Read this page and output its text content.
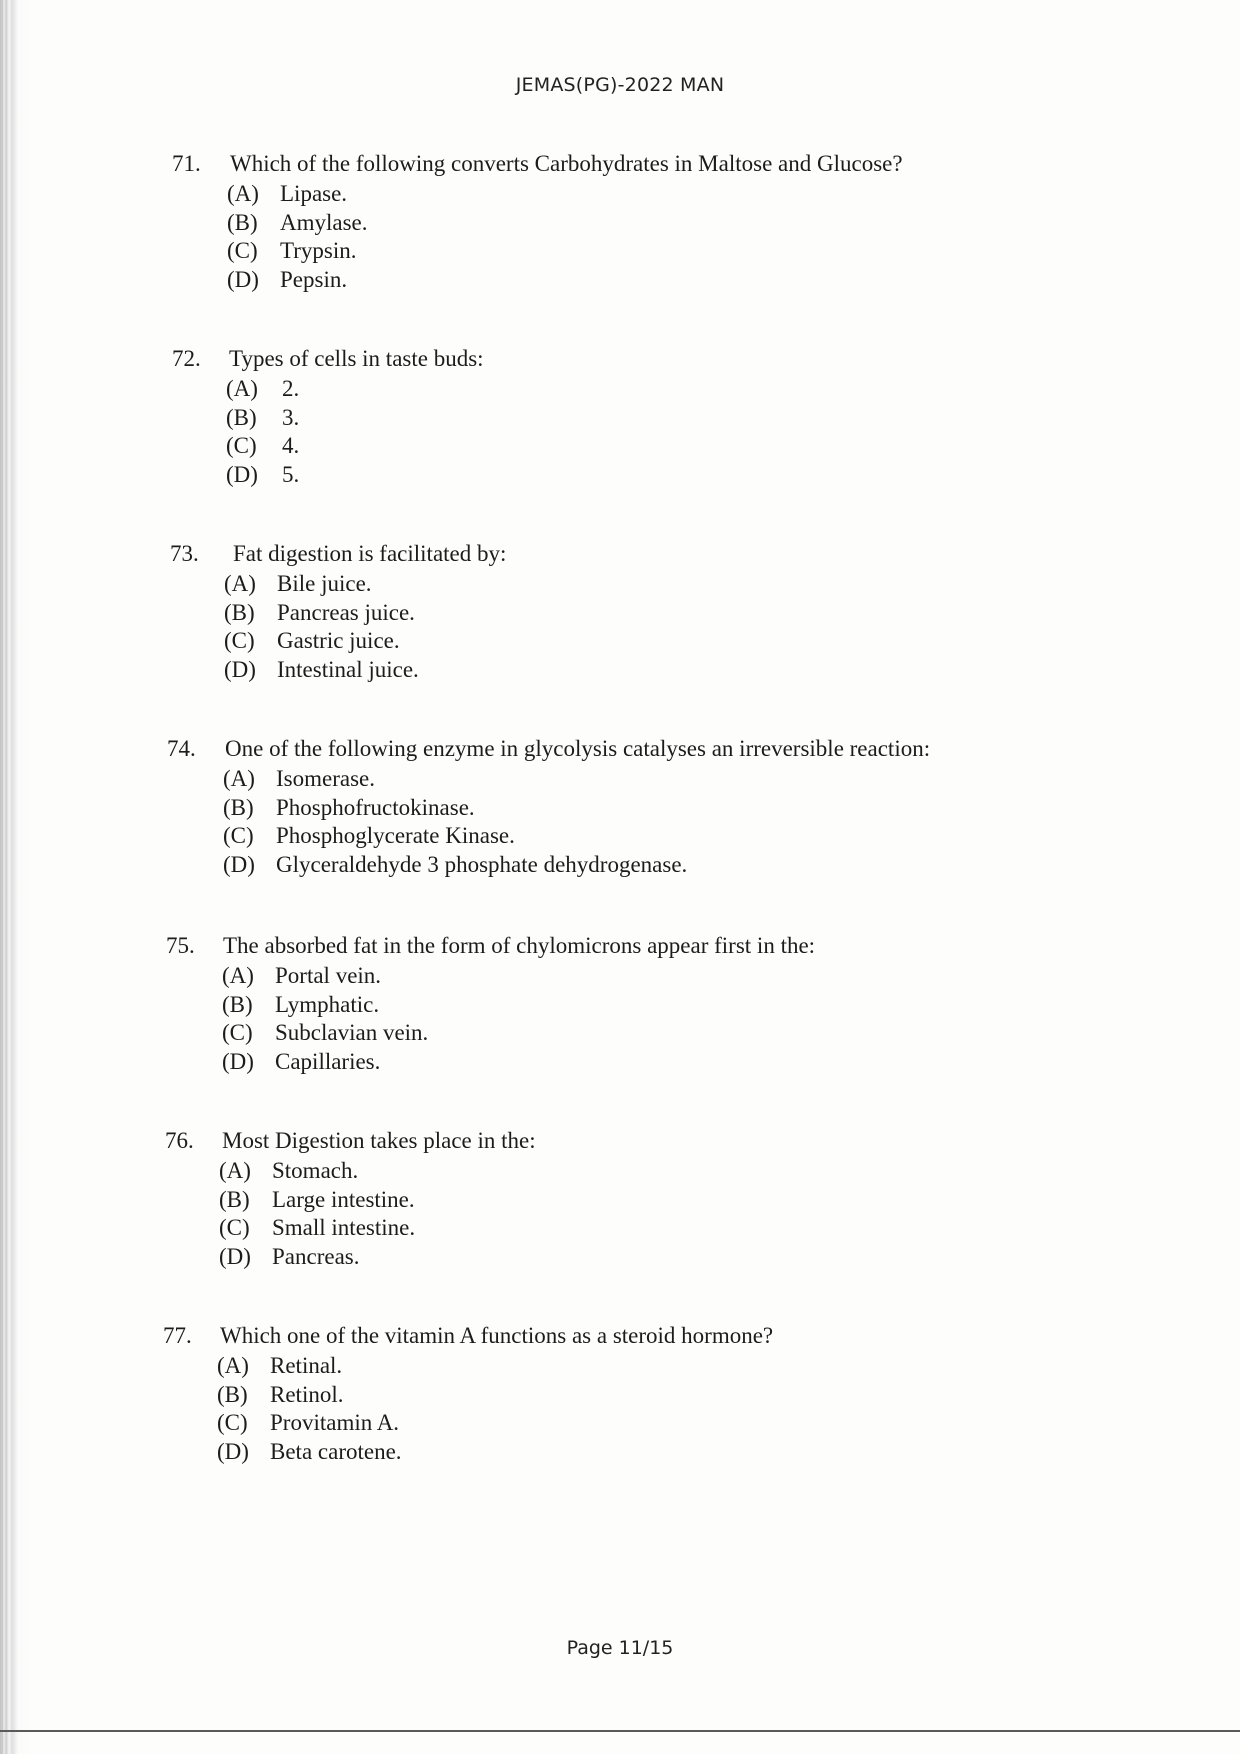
JEMAS(PG)-2022 MAN
71. Which of the following converts Carbohydrates in Maltose and Glucose?
(A) Lipase.
(B) Amylase.
(C) Trypsin.
(D) Pepsin.
72. Types of cells in taste buds:
(A) 2.
(B) 3.
(C) 4.
(D) 5.
73. Fat digestion is facilitated by:
(A) Bile juice.
(B) Pancreas juice.
(C) Gastric juice.
(D) Intestinal juice.
74. One of the following enzyme in glycolysis catalyses an irreversible reaction:
(A) Isomerase.
(B) Phosphofructokinase.
(C) Phosphoglycerate Kinase.
(D) Glyceraldehyde 3 phosphate dehydrogenase.
75. The absorbed fat in the form of chylomicrons appear first in the:
(A) Portal vein.
(B) Lymphatic.
(C) Subclavian vein.
(D) Capillaries.
76. Most Digestion takes place in the:
(A) Stomach.
(B) Large intestine.
(C) Small intestine.
(D) Pancreas.
77. Which one of the vitamin A functions as a steroid hormone?
(A) Retinal.
(B) Retinol.
(C) Provitamin A.
(D) Beta carotene.
Page 11/15
